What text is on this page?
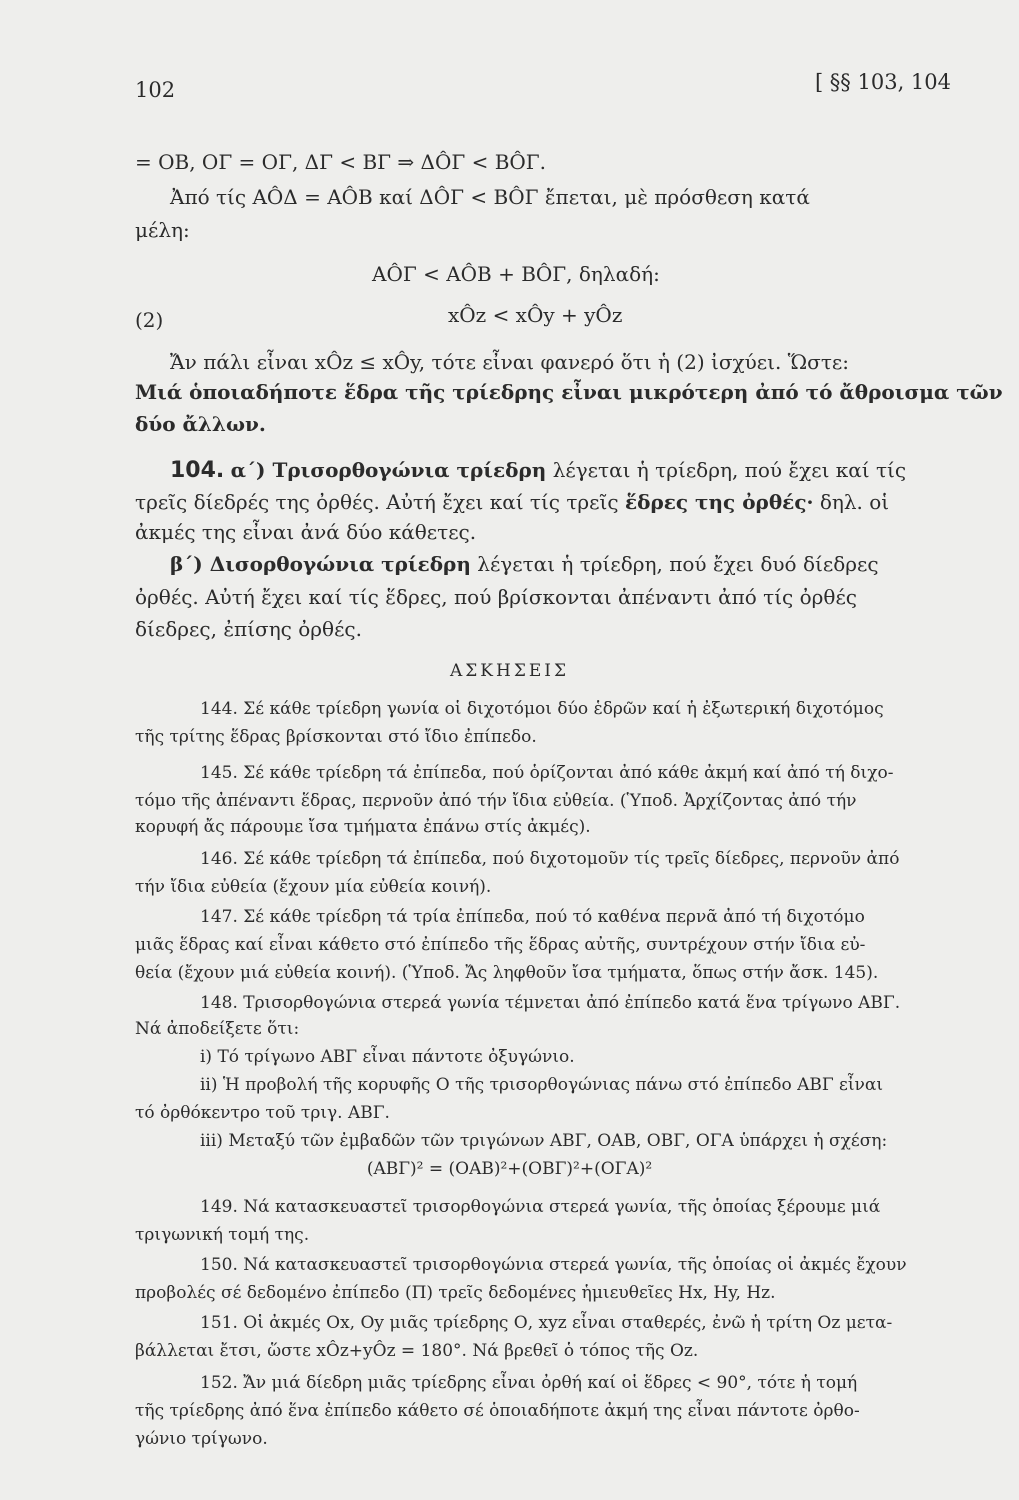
102	[ §§ 103, 104
= ΟΒ, ΟΓ = ΟΓ, ΔΓ < ΒΓ ⇒ ΔÔΓ < ΒÔΓ.
Ἀπό τίς ΑÔΔ = ΑÔΒ καί ΔÔΓ < ΒÔΓ ἔπεται, μὲ πρόσθεση κατά
μέλη:
ΑÔΓ < ΑÔΒ + ΒÔΓ, δηλαδή:
(2)	xÔz < xÔy + yÔz
Ἄν πάλι εἶναι xÔz ≤ xÔy, τότε εἶναι φανερό ὅτι ἡ (2) ἰσχύει. Ὥστε:
Μιά ὁποιαδήποτε ἕδρα τῆς τρίεδρης εἶναι μικρότερη ἀπό τό ἄθροισμα τῶν
δύο ἄλλων.
104. α΄) Τρισορθογώνια τρίεδρη λέγεται ἡ τρίεδρη, πού ἔχει καί τίς
τρεῖς δίεδρές της ὀρθές. Αὐτή ἔχει καί τίς τρεῖς ἕδρες της ὀρθές· δηλ. οἱ
ἀκμές της εἶναι ἀνά δύο κάθετες.
β΄) Δισορθογώνια τρίεδρη λέγεται ἡ τρίεδρη, πού ἔχει δυό δίεδρες
ὀρθές. Αὐτή ἔχει καί τίς ἕδρες, πού βρίσκονται ἀπέναντι ἀπό τίς ὀρθές
δίεδρες, ἐπίσης ὀρθές.
ΑΣΚΗΣΕΙΣ
144. Σέ κάθε τρίεδρη γωνία οἱ διχοτόμοι δύο ἑδρῶν καί ἡ ἐξωτερική διχοτόμος
τῆς τρίτης ἕδρας βρίσκονται στό ἴδιο ἐπίπεδο.
145. Σέ κάθε τρίεδρη τά ἐπίπεδα, πού ὁρίζονται ἀπό κάθε ἀκμή καί ἀπό τή διχο-
τόμο τῆς ἀπέναντι ἕδρας, περνοῦν ἀπό τήν ἴδια εὐθεία. (Ὑποδ. Ἀρχίζοντας ἀπό τήν
κορυφή ἄς πάρουμε ἴσα τμήματα ἐπάνω στίς ἀκμές).
146. Σέ κάθε τρίεδρη τά ἐπίπεδα, πού διχοτομοῦν τίς τρεῖς δίεδρες, περνοῦν ἀπό
τήν ἴδια εὐθεία (ἔχουν μία εὐθεία κοινή).
147. Σέ κάθε τρίεδρη τά τρία ἐπίπεδα, πού τό καθένα περνᾶ ἀπό τή διχοτόμο
μιᾶς ἕδρας καί εἶναι κάθετο στό ἐπίπεδο τῆς ἕδρας αὐτῆς, συντρέχουν στήν ἴδια εὐ-
θεία (ἔχουν μιά εὐθεία κοινή). (Ὑποδ. Ἄς ληφθοῦν ἴσα τμήματα, ὅπως στήν ἄσκ. 145).
148. Τρισορθογώνια στερεά γωνία τέμνεται ἀπό ἐπίπεδο κατά ἕνα τρίγωνο ΑΒΓ.
Νά ἀποδείξετε ὅτι:
i) Τό τρίγωνο ΑΒΓ εἶναι πάντοτε ὀξυγώνιο.
ii) Ἡ προβολή τῆς κορυφῆς Ο τῆς τρισορθογώνιας πάνω στό ἐπίπεδο ΑΒΓ εἶναι
τό ὀρθόκεντρο τοῦ τριγ. ΑΒΓ.
iii) Μεταξύ τῶν ἐμβαδῶν τῶν τριγώνων ΑΒΓ, ΟΑΒ, ΟΒΓ, ΟΓΑ ὑπάρχει ἡ σχέση:
(ΑΒΓ)² = (ΟΑΒ)²+(ΟΒΓ)²+(ΟΓΑ)²
149. Νά κατασκευαστεῖ τρισορθογώνια στερεά γωνία, τῆς ὁποίας ξέρουμε μιά
τριγωνική τομή της.
150. Νά κατασκευαστεῖ τρισορθογώνια στερεά γωνία, τῆς ὁποίας οἱ ἀκμές ἔχουν
προβολές σέ δεδομένο ἐπίπεδο (Π) τρεῖς δεδομένες ἡμιευθεῖες Hx, Hy, Hz.
151. Οἱ ἀκμές Οx, Οy μιᾶς τρίεδρης Ο, xyz εἶναι σταθερές, ἐνῶ ἡ τρίτη Οz μετα-
βάλλεται ἔτσι, ὥστε xÔz+yÔz = 180°. Νά βρεθεῖ ὁ τόπος τῆς Οz.
152. Ἄν μιά δίεδρη μιᾶς τρίεδρης εἶναι ὀρθή καί οἱ ἕδρες < 90°, τότε ἡ τομή
τῆς τρίεδρης ἀπό ἕνα ἐπίπεδο κάθετο σέ ὁποιαδήποτε ἀκμή της εἶναι πάντοτε ὀρθο-
γώνιο τρίγωνο.
